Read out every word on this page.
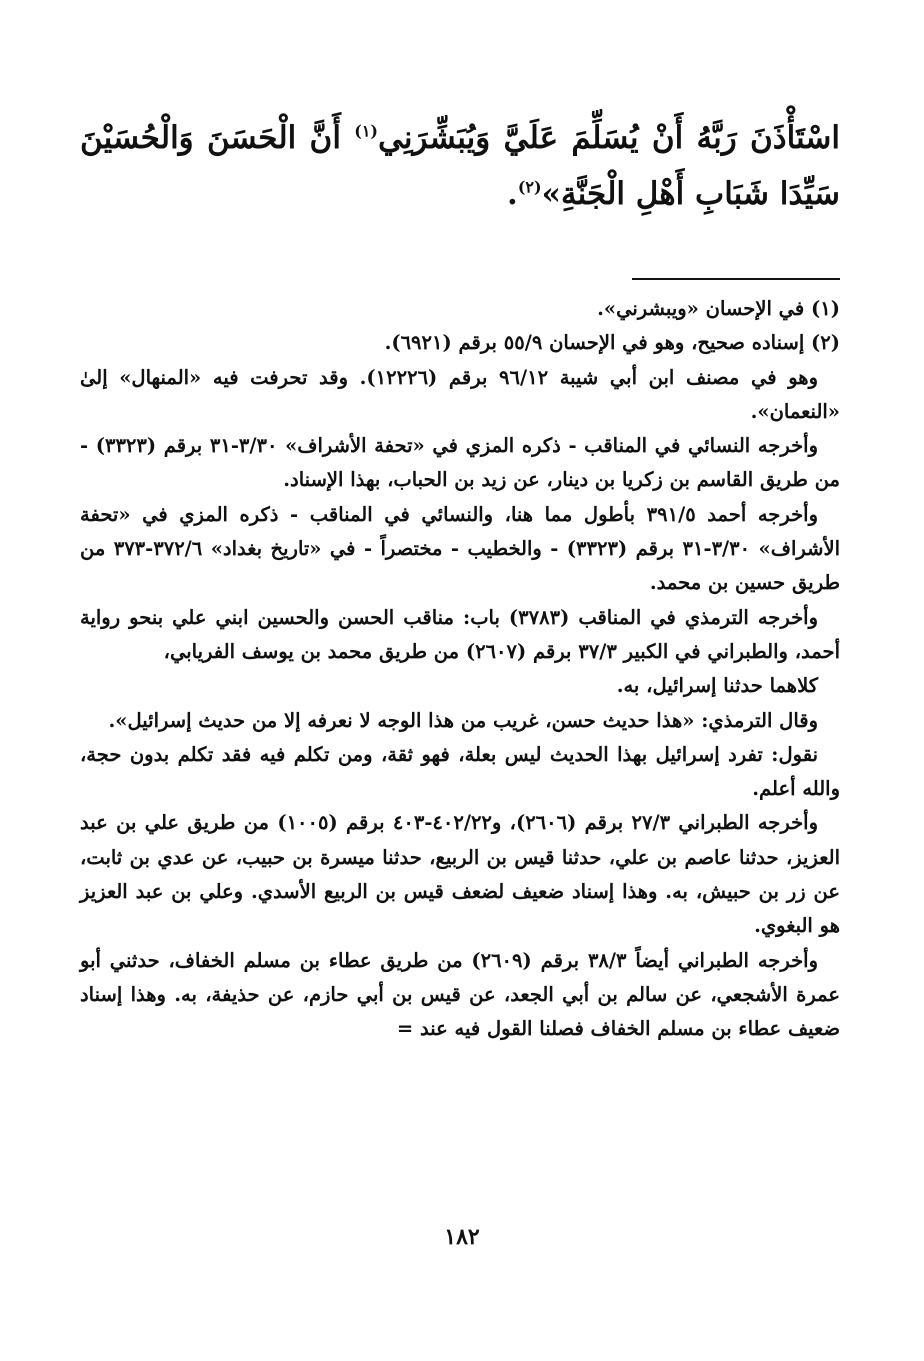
اسْتَأْذَنَ رَبَّهُ أَنْ يُسَلِّمَ عَلَيَّ وَيُبَشِّرَنِي$^{(١)}$ أَنَّ الْحَسَنَ وَالْحُسَيْنَ سَيِّدَا شَبَابِ أَهْلِ الْجَنَّةِ»$^{(٢)}$.

(١) في الإحسان «ويبشرني».

(٢) إسناده صحيح، وهو في الإحسان ٥٥/٩ برقم (٦٩٢١).

وهو في مصنف ابن أبي شيبة ٩٦/١٢ برقم (١٢٢٢٦). وقد تحرفت فيه «المنهال» إلىٰ «النعمان».

وأخرجه النسائي في المناقب - ذكره المزي في «تحفة الأشراف» ٣/٣٠-٣١ برقم (٣٣٢٣) - من طريق القاسم بن زكريا بن دينار، عن زيد بن الحباب، بهذا الإسناد.

وأخرجه أحمد ٣٩١/٥ بأطول مما هنا، والنسائي في المناقب - ذكره المزي في «تحفة الأشراف» ٣/٣٠-٣١ برقم (٣٣٢٣) - والخطيب - مختصراً - في «تاريخ بغداد» ٣٧٢/٦-٣٧٣ من طريق حسين بن محمد.

وأخرجه الترمذي في المناقب (٣٧٨٣) باب: مناقب الحسن والحسين ابني علي بنحو رواية أحمد، والطبراني في الكبير ٣٧/٣ برقم (٢٦٠٧) من طريق محمد بن يوسف الفريابي،

كلاهما حدثنا إسرائيل، به.

وقال الترمذي: «هذا حديث حسن، غريب من هذا الوجه لا نعرفه إلا من حديث إسرائيل».

نقول: تفرد إسرائيل بهذا الحديث ليس بعلة، فهو ثقة، ومن تكلم فيه فقد تكلم بدون حجة، والله أعلم.

وأخرجه الطبراني ٢٧/٣ برقم (٢٦٠٦)، و٤٠٢/٢٢-٤٠٣ برقم (١٠٠٥) من طريق علي بن عبد العزيز، حدثنا عاصم بن علي، حدثنا قيس بن الربيع، حدثنا ميسرة بن حبيب، عن عدي بن ثابت، عن زر بن حبيش، به. وهذا إسناد ضعيف لضعف قيس بن الربيع الأسدي. وعلي بن عبد العزيز هو البغوي.

وأخرجه الطبراني أيضاً ٣٨/٣ برقم (٢٦٠٩) من طريق عطاء بن مسلم الخفاف، حدثني أبو عمرة الأشجعي، عن سالم بن أبي الجعد، عن قيس بن أبي حازم، عن حذيفة، به. وهذا إسناد ضعيف عطاء بن مسلم الخفاف فصلنا القول فيه عند =

١٨٢
